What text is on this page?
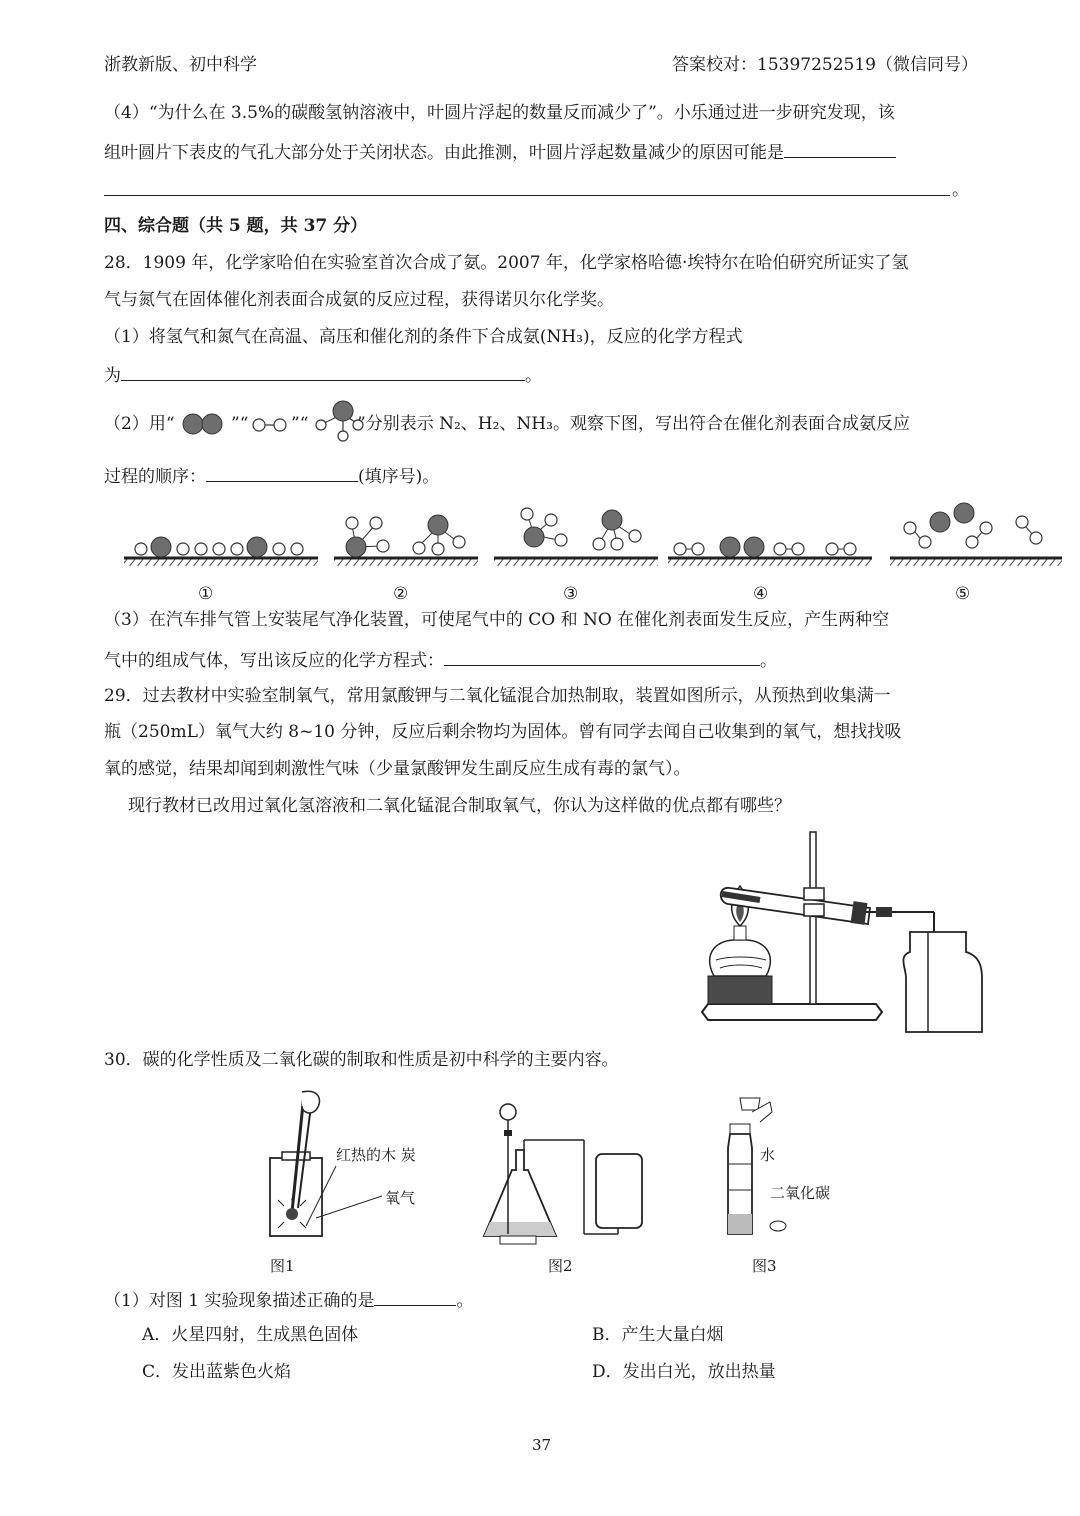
浙教新版、初中科学	答案校对：15397252519（微信同号）
（4）“为什么在 3.5%的碳酸氢钠溶液中，叶圆片浮起的数量反而减少了”。小乐通过进一步研究发现，该
组叶圆片下表皮的气孔大部分处于关闭状态。由此推测，叶圆片浮起数量减少的原因可能是
。
四、综合题（共 5 题，共 37 分）
28．1909 年，化学家哈伯在实验室首次合成了氨。2007 年，化学家格哈德·埃特尔在哈伯研究所证实了氢
气与氮气在固体催化剂表面合成氨的反应过程，获得诺贝尔化学奖。
（1）将氢气和氮气在高温、高压和催化剂的条件下合成氨(NH₃)，反应的化学方程式
为	。
（2）用“	”“	”“	”分别表示 N₂、H₂、NH₃。观察下图，写出符合在催化剂表面合成氨反应
过程的顺序：	(填序号)。
①	②	③	④	⑤
（3）在汽车排气管上安装尾气净化装置，可使尾气中的 CO 和 NO 在催化剂表面发生反应，产生两种空
气中的组成气体，写出该反应的化学方程式：	。
29．过去教材中实验室制氧气，常用氯酸钾与二氧化锰混合加热制取，装置如图所示，从预热到收集满一
瓶（250mL）氧气大约 8~10 分钟，反应后剩余物均为固体。曾有同学去闻自己收集到的氧气，想找找吸
氧的感觉，结果却闻到刺激性气味（少量氯酸钾发生副反应生成有毒的氯气）。
现行教材已改用过氧化氢溶液和二氧化锰混合制取氧气，你认为这样做的优点都有哪些？
30．碳的化学性质及二氧化碳的制取和性质是初中科学的主要内容。
红热的木 炭
氧气
水
二氧化碳
图1	图2	图3
（1）对图 1 实验现象描述正确的是	。
A．火星四射，生成黑色固体	B．产生大量白烟
C．发出蓝紫色火焰	D．发出白光，放出热量
37
